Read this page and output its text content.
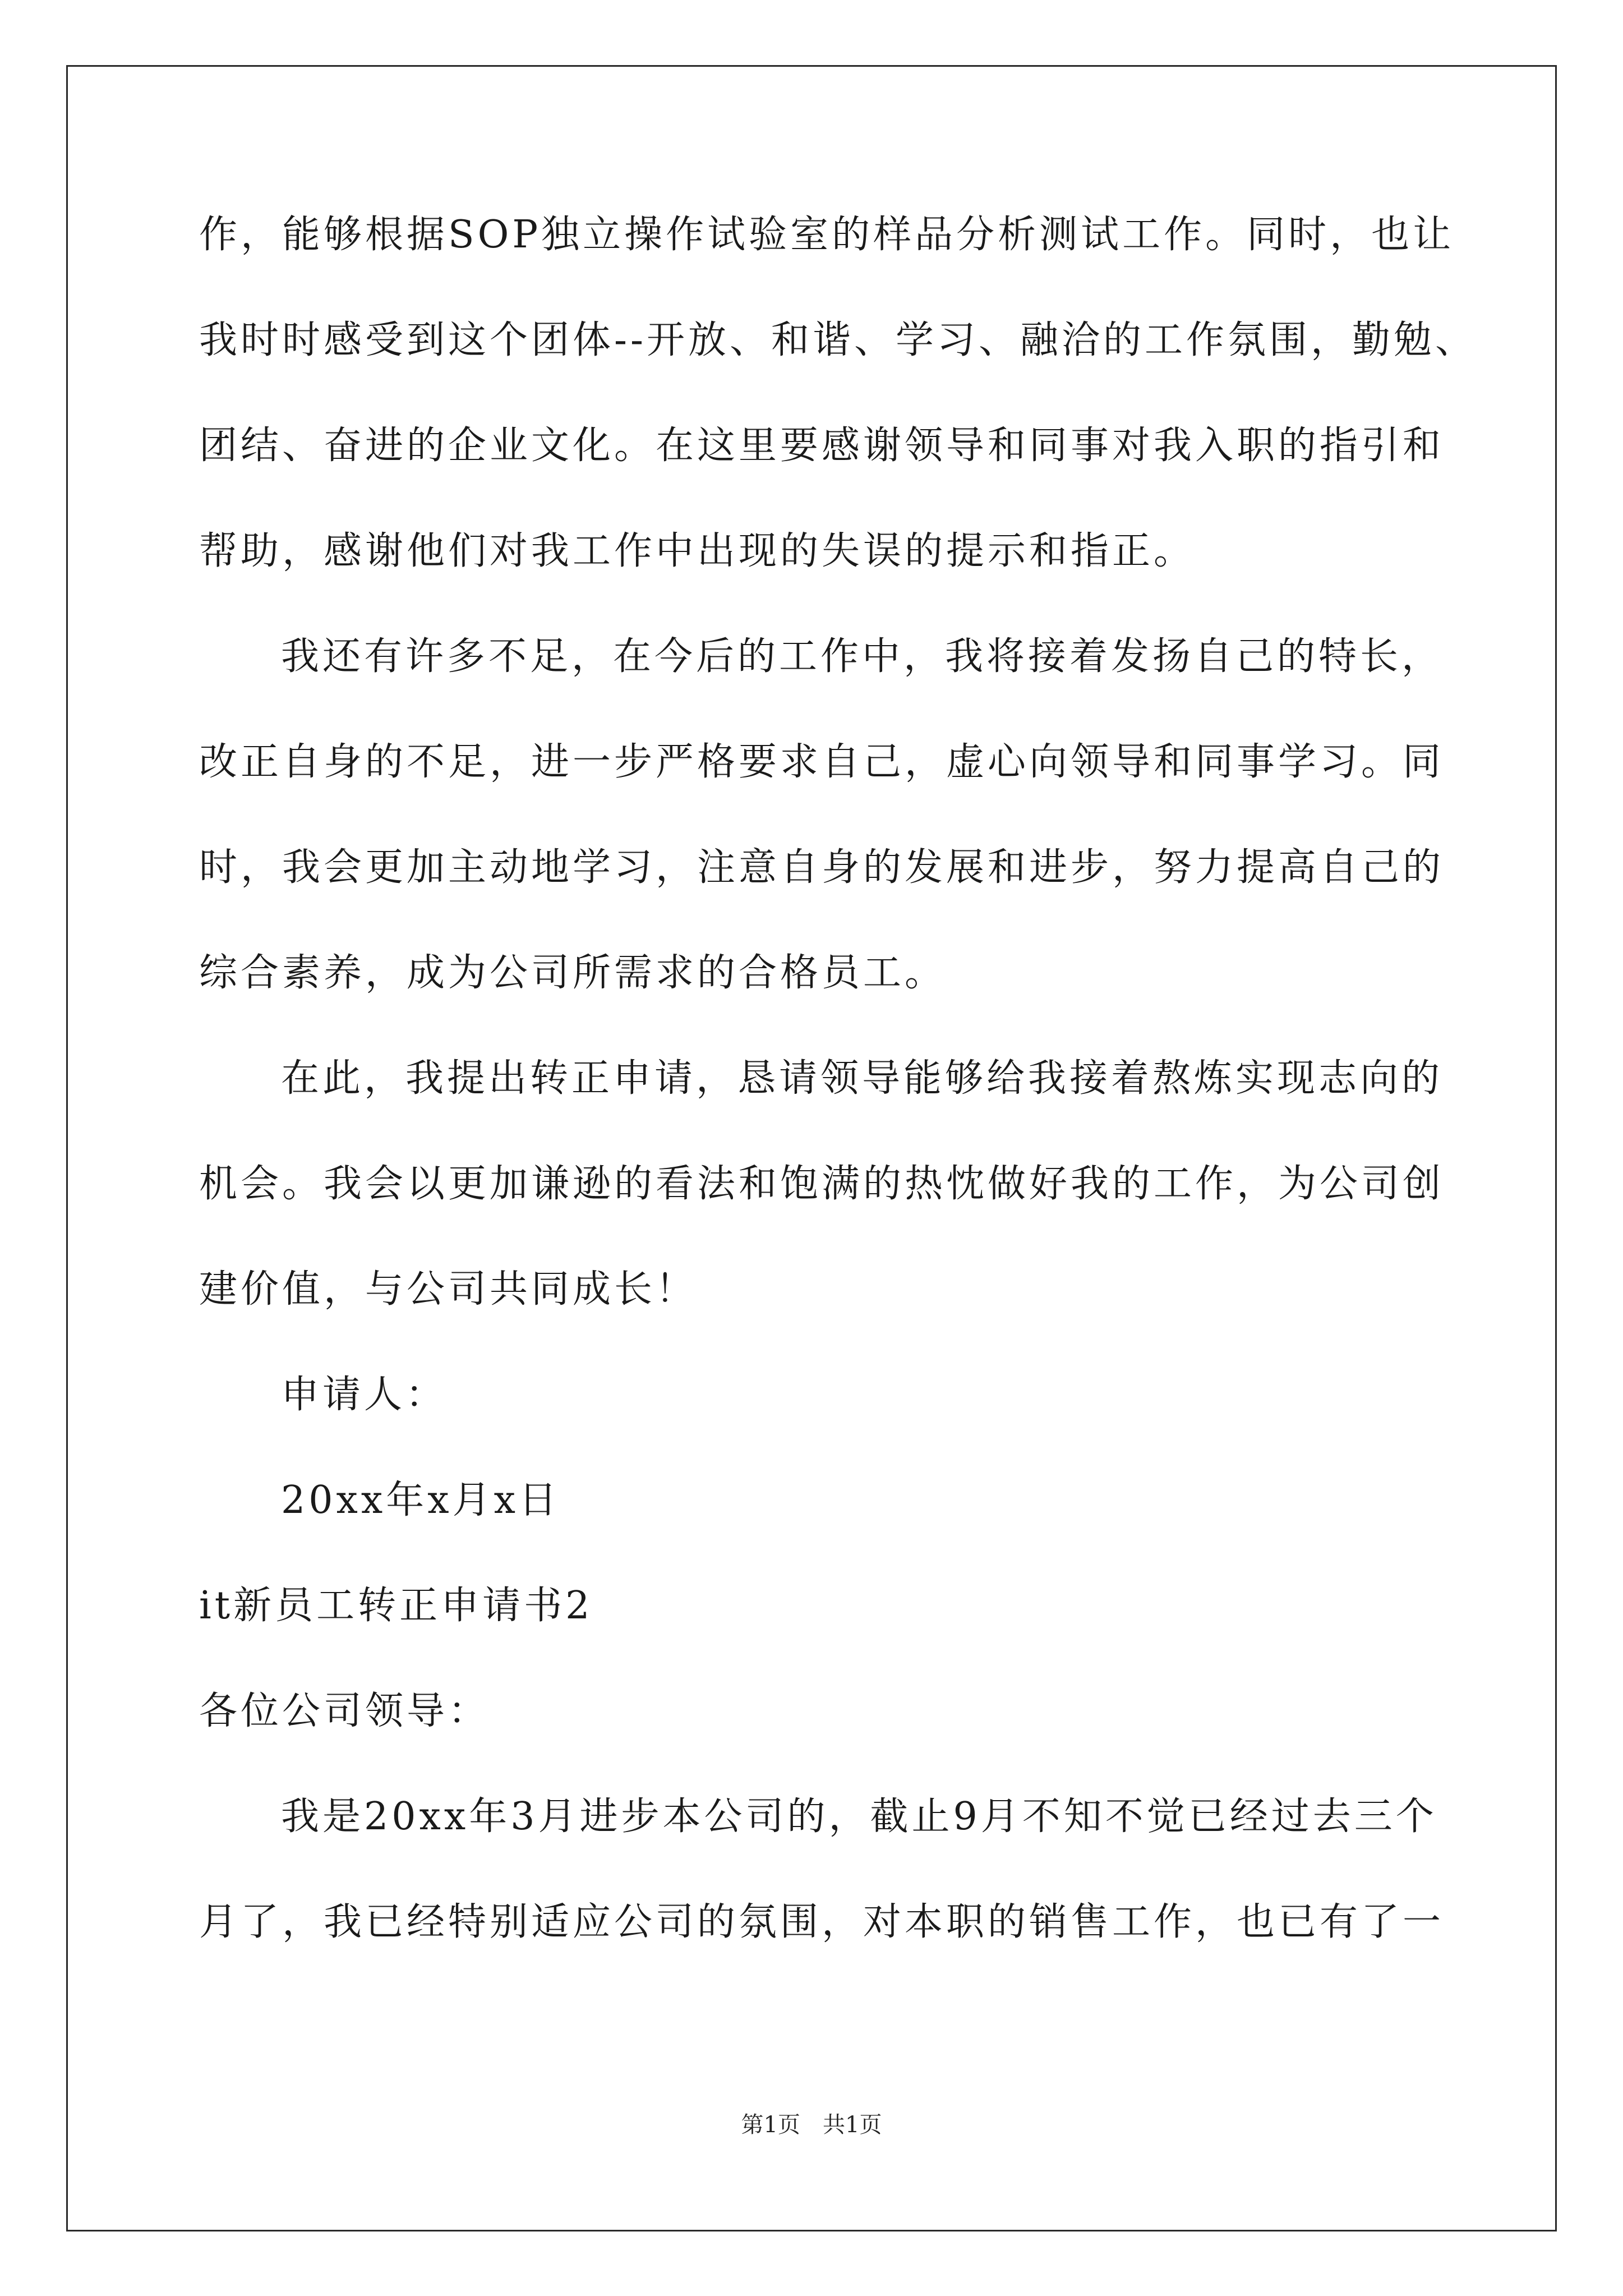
作，能够根据SOP独立操作试验室的样品分析测试工作。同时，也让

我时时感受到这个团体--开放、和谐、学习、融洽的工作氛围，勤勉、

团结、奋进的企业文化。在这里要感谢领导和同事对我入职的指引和

帮助，感谢他们对我工作中出现的失误的提示和指正。

我还有许多不足，在今后的工作中，我将接着发扬自己的特长，

改正自身的不足，进一步严格要求自己，虚心向领导和同事学习。同

时，我会更加主动地学习，注意自身的发展和进步，努力提高自己的

综合素养，成为公司所需求的合格员工。

在此，我提出转正申请，恳请领导能够给我接着熬炼实现志向的

机会。我会以更加谦逊的看法和饱满的热忱做好我的工作，为公司创

建价值，与公司共同成长！

申请人：

20xx年x月x日

it新员工转正申请书2

各位公司领导：

我是20xx年3月进步本公司的，截止9月不知不觉已经过去三个

月了，我已经特别适应公司的氛围，对本职的销售工作，也已有了一

第1页 共1页
